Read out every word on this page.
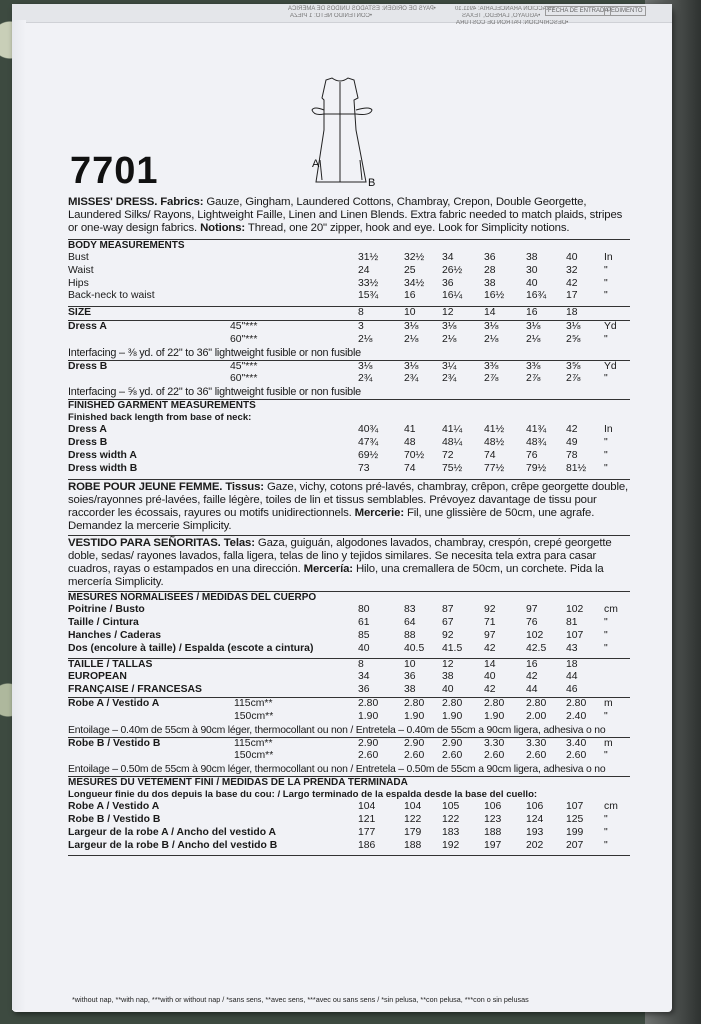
•PAYS DE ORIGEN: ESTADOS UNIDOS DE AMÉRICA
•CONTENIDO NETO: 1 PIEZA
FRACCION ARANCELARIA: 4911.10
•AGUAYO, LAREDO, TEXAS
•DESCRIPCION: PATRON DE COSTURA
FECHA DE ENTRADA
PEDIMENTO
7701	A
B

MISSES' DRESS. Fabrics: Gauze, Gingham, Laundered Cottons, Chambray, Crepon, Double Georgette, Laundered Silks/ Rayons, Lightweight Faille, Linen and Linen Blends. Extra fabric needed to match plaids, stripes or one-way design fabrics. Notions: Thread, one 20" zipper, hook and eye. Look for Simplicity notions.

BODY MEASUREMENTS
Bust	31½ 32½ 34	36	38	40	In
Waist	24	25	26½ 28	30	32	"
Hips	33½ 34½ 36	38	40	42	"
Back-neck to waist	15¾ 16	16¼ 16½ 16¾ 17	"
SIZE	8	10	12	14	16	18
Dress A	45"***	3	3⅛ 3⅛	3⅛	3⅛ 3⅛ Yd
60"***	2⅛	2⅛ 2⅛	2⅛	2⅛ 2⅝ "
Interfacing – ⅜ yd. of 22" to 36" lightweight fusible or non fusible
Dress B	45"***	3⅛	3⅛ 3¼	3⅜	3⅜ 3⅝ Yd
60"***	2¾	2¾ 2¾	2⅞	2⅞ 2⅞ "
Interfacing – ⅝ yd. of 22" to 36" lightweight fusible or non fusible
FINISHED GARMENT MEASUREMENTS
Finished back length from base of neck:
Dress A	40¾ 41	41¼ 41½ 41¾ 42	In
Dress B	47¾ 48	48¼ 48½ 48¾ 49	"
Dress width A	69½ 70½ 72	74	76	78	"
Dress width B	73	74	75½ 77½ 79½ 81½ "

ROBE POUR JEUNE FEMME. Tissus: Gaze, vichy, cotons pré-lavés, chambray, crêpon, crêpe georgette double, soies/rayonnes pré-lavées, faille légère, toiles de lin et tissus semblables. Prévoyez davantage de tissu pour raccorder les écossais, rayures ou motifs unidirectionnels. Mercerie: Fil, une glissière de 50cm, une agrafe. Demandez la mercerie Simplicity.

VESTIDO PARA SEÑORITAS. Telas: Gaza, guiguán, algodones lavados, chambray, crespón, crepé georgette doble, sedas/ rayones lavados, falla ligera, telas de lino y tejidos similares. Se necesita tela extra para casar cuadros, rayas o estampados en una dirección. Mercería: Hilo, una cremallera de 50cm, un corchete. Pida la mercería Simplicity.

MESURES NORMALISEES / MEDIDAS DEL CUERPO
Poitrine / Busto	80	83	87	92	97	102 cm
Taille / Cintura	61	64	67	71	76	81	"
Hanches / Caderas	85	88	92	97	102 107 "
Dos (encolure à taille) / Espalda (escote a cintura)	40	40.5 41.5 42	42.5 43	"
TAILLE / TALLAS	8	10	12	14	16	18
EUROPEAN	34	36	38	40	42	44
FRANÇAISE / FRANCESAS	36	38	40	42	44	46
Robe A / Vestido A	115cm**	2.80 2.80 2.80 2.80 2.80 2.80 m
150cm**	1.90 1.90 1.90 1.90 2.00 2.40 "
Entoilage – 0.40m de 55cm à 90cm léger, thermocollant ou non / Entretela – 0.40m de 55cm a 90cm ligera, adhesiva o no
Robe B / Vestido B	115cm**	2.90 2.90 2.90 3.30 3.30 3.40 m
150cm**	2.60 2.60 2.60 2.60 2.60 2.60 "
Entoilage – 0.50m de 55cm à 90cm léger, thermocollant ou non / Entretela – 0.50m de 55cm a 90cm ligera, adhesiva o no
MESURES DU VETEMENT FINI / MEDIDAS DE LA PRENDA TERMINADA
Longueur finie du dos depuis la base du cou: / Largo terminado de la espalda desde la base del cuello:
Robe A / Vestido A	104	104 105 106 106 107 cm
Robe B / Vestido B	121	122 122 123 124 125 "
Largeur de la robe A / Ancho del vestido A	177	179 183 188 193 199 "
Largeur de la robe B / Ancho del vestido B	186	188 192 197 202 207 "
*without nap, **with nap, ***with or without nap / *sans sens, **avec sens, ***avec ou sans sens / *sin pelusa, **con pelusa, ***con o sin pelusas
